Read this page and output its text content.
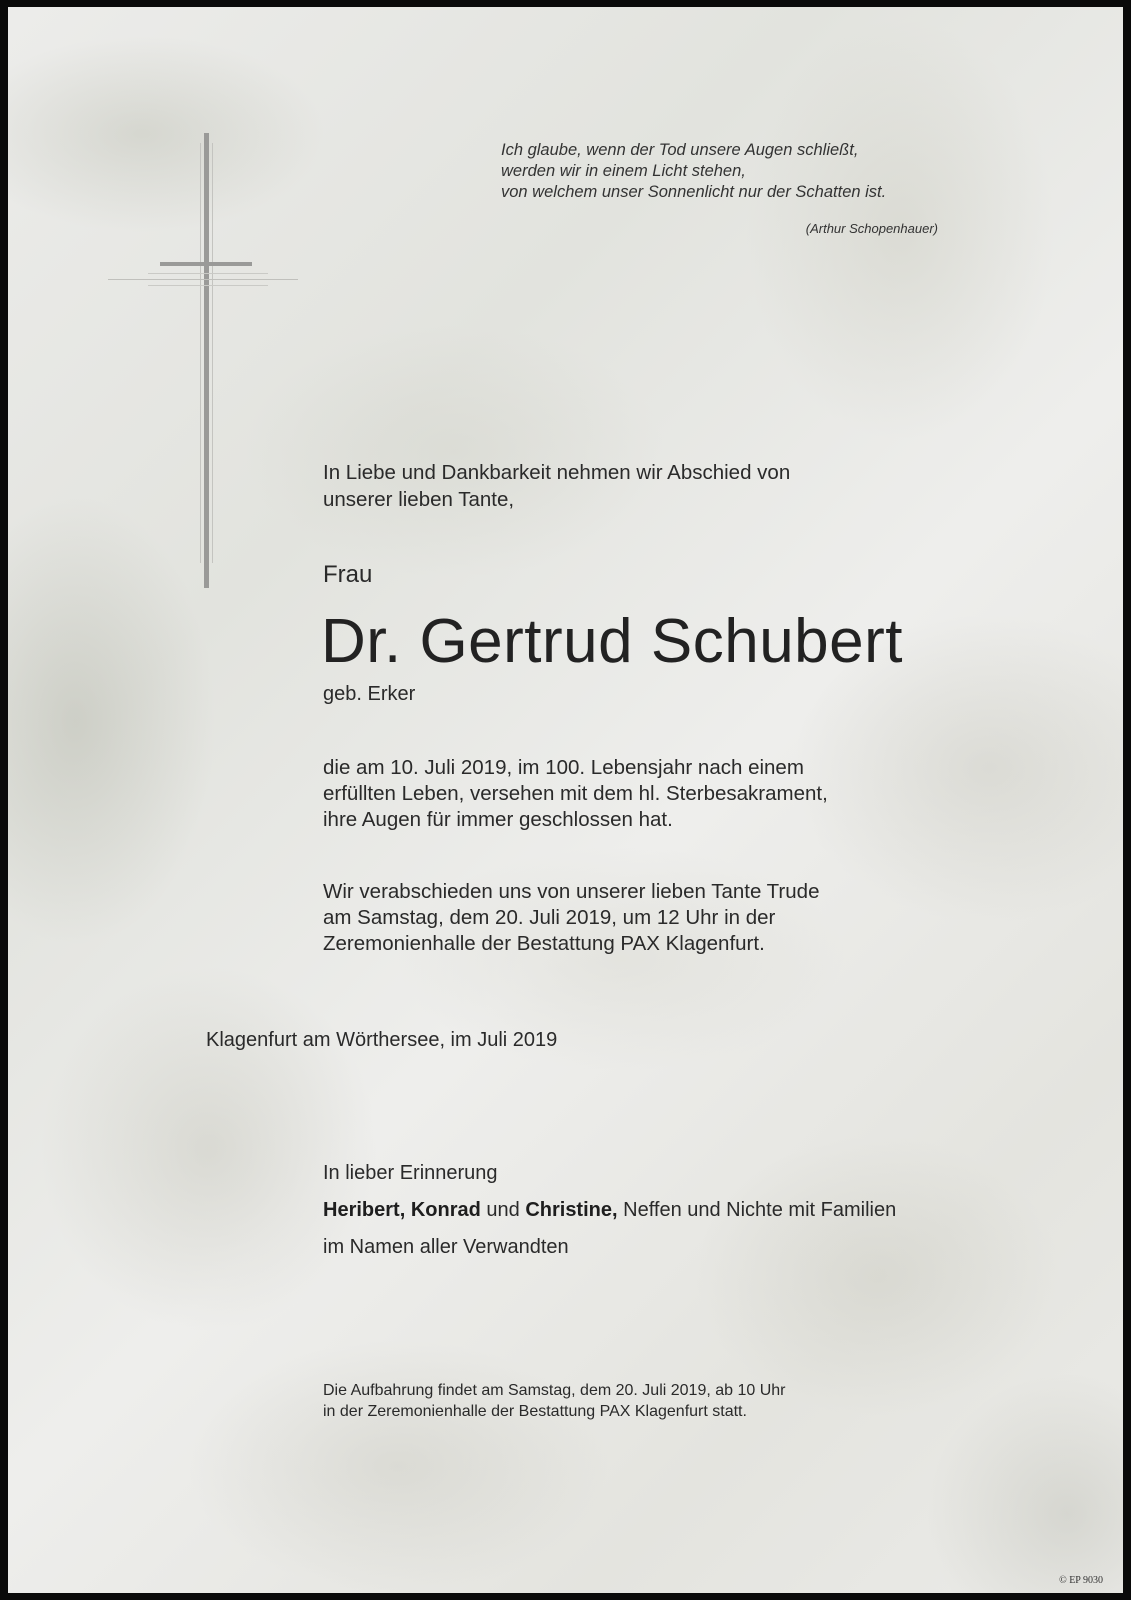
Ich glaube, wenn der Tod unsere Augen schließt,
werden wir in einem Licht stehen,
von welchem unser Sonnenlicht nur der Schatten ist.
(Arthur Schopenhauer)
In Liebe und Dankbarkeit nehmen wir Abschied von
unserer lieben Tante,
Frau
Dr. Gertrud Schubert
geb. Erker
die am 10. Juli 2019, im 100. Lebensjahr nach einem
erfüllten Leben, versehen mit dem hl. Sterbesakrament,
ihre Augen für immer geschlossen hat.
Wir verabschieden uns von unserer lieben Tante Trude
am Samstag, dem 20. Juli 2019, um 12 Uhr in der
Zeremonienhalle der Bestattung PAX Klagenfurt.
Klagenfurt am Wörthersee, im Juli 2019
In lieber Erinnerung
Heribert, Konrad und Christine, Neffen und Nichte mit Familien
im Namen aller Verwandten
Die Aufbahrung findet am Samstag, dem 20. Juli 2019, ab 10 Uhr
in der Zeremonienhalle der Bestattung PAX Klagenfurt statt.
© EP 9030
